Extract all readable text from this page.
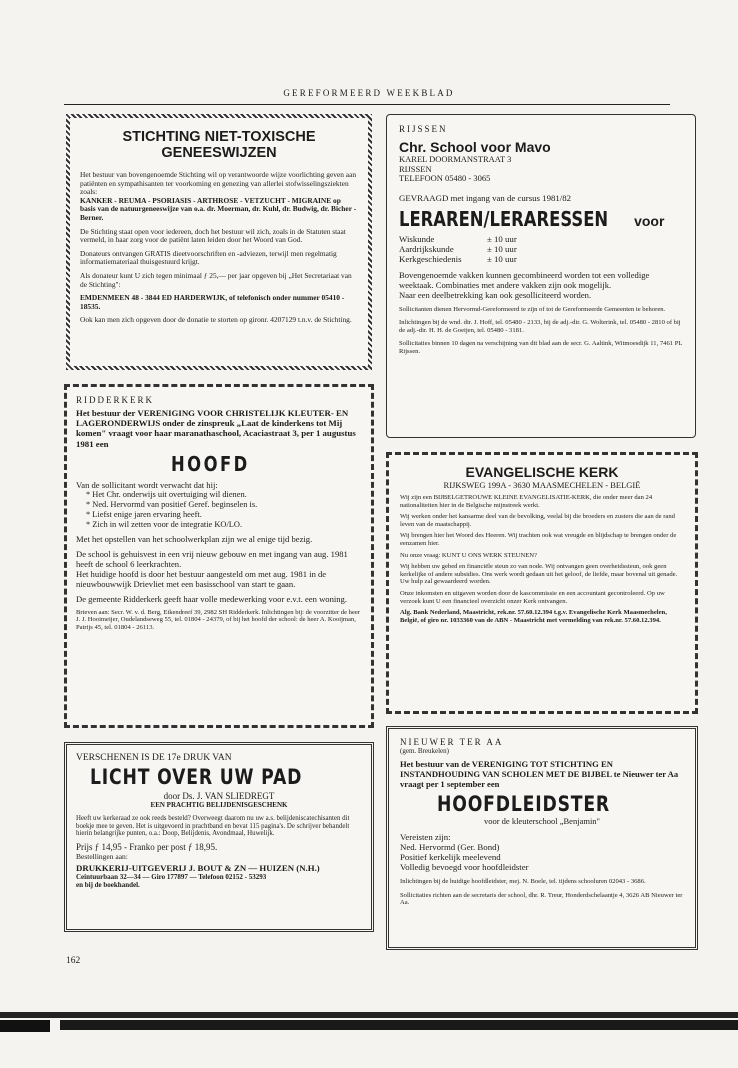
GEREFORMEERD WEEKBLAD
STICHTING NIET-TOXISCHE GENEESWIJZEN

Het bestuur van bovengenoemde Stichting wil op verantwoorde wijze voorlichting geven aan patiënten en sympathisanten ter voorkoming en genezing van allerlei stofwisselingsziekten zoals:

KANKER - REUMA - PSORIASIS - ARTHROSE - VETZUCHT - MIGRAINE op basis van de natuurgeneeswijze van o.a. dr. Moerman, dr. Kuhl, dr. Budwig, dr. Bicher - Berner.

De Stichting staat open voor iedereen, doch het bestuur wil zich, zoals in de Statuten staat vermeld, in haar zorg voor de patiënt laten leiden door het Woord van God.

Donateurs ontvangen GRATIS dieetvoorschriften en -adviezen, terwijl men regelmatig informatiemateriaal thuisgestuurd krijgt.

Als donateur kunt U zich tegen minimaal ƒ 25,— per jaar opgeven bij „Het Secretariaat van de Stichting":

EMDENMEEN 48 - 3844 ED HARDERWIJK, of telefonisch onder nummer 05410 - 18535.

Ook kan men zich opgeven door de donatie te storten op gironr. 4207129 t.n.v. de Stichting.

RIDDERKERK

Het bestuur der VERENIGING VOOR CHRISTELIJK KLEUTER- EN LAGERONDERWIJS onder de zinspreuk „Laat de kinderkens tot Mij komen" vraagt voor haar maranathaschool, Acaciastraat 3, per 1 augustus 1981 een

HOOFD

Van de sollicitant wordt verwacht dat hij:

* Het Chr. onderwijs uit overtuiging wil dienen.
* Ned. Hervormd van positief Geref. beginselen is.
* Liefst enige jaren ervaring heeft.
* Zich in wil zetten voor de integratie KO/LO.

Met het opstellen van het schoolwerkplan zijn we al enige tijd bezig.

De school is gehuisvest in een vrij nieuw gebouw en met ingang van aug. 1981 heeft de school 6 leerkrachten.

Het huidige hoofd is door het bestuur aangesteld om met aug. 1981 in de nieuwbouwwijk Drievliet met een basisschool van start te gaan.

De gemeente Ridderkerk geeft haar volle medewerking voor e.v.t. een woning.

Brieven aan: Secr. W. v. d. Berg, Eikendreef 39, 2982 SH Ridderkerk. Inlichtingen bij: de voorzitter de heer J. J. Hooimeijer, Oudelandseweg 55, tel. 01804 - 24379, of bij het hoofd der school: de heer A. Kooijman, Patrijs 45, tel. 01804 - 26113.

VERSCHENEN IS DE 17e DRUK VAN
LICHT OVER UW PAD
door Ds. J. VAN SLIEDREGT
EEN PRACHTIG BELIJDENISGESCHENK

Heeft uw kerkeraad ze ook reeds besteld? Overweegt daarom nu uw a.s. belijdeniscatechisanten dit boekje mee te geven. Het is uitgevoerd in prachtband en bevat 115 pagina's. De schrijver behandelt hierin belangrijke punten, o.a.: Doop, Belijdenis, Avondmaal, Huwelijk.

Prijs ƒ 14,95 - Franko per post ƒ 18,95.
Bestellingen aan:
DRUKKERIJ-UITGEVERIJ J. BOUT & ZN — HUIZEN (N.H.)
Ceintuurbaan 32—34 — Giro 177897 — Telefoon 02152 - 53293
en bij de boekhandel.
RIJSSEN
Chr. School voor Mavo
KAREL DOORMANSTRAAT 3
RIJSSEN
TELEFOON 05480 - 3065
GEVRAAGD met ingang van de cursus 1981/82
LERAREN/LERARESSEN voor
Wiskunde	± 10 uur
Aardrijkskunde	± 10 uur
Kerkgeschiedenis	± 10 uur

Bovengenoemde vakken kunnen gecombineerd worden tot een volledige weektaak. Combinaties met andere vakken zijn ook mogelijk.

Naar een deelbetrekking kan ook gesolliciteerd worden.

Sollicitanten dienen Hervormd-Gereformeerd te zijn of tot de Gereformeerde Gemeenten te behoren.

Inlichtingen bij de wnd. dir. J. Hoff, tel. 05480 - 2133, bij de adj.-dir. G. Wolterink, tel. 05480 - 2810 of bij de adj.-dir. H. H. de Goeijen, tel. 05480 - 3181.

Sollicitaties binnen 10 dagen na verschijning van dit blad aan de secr. G. Aaltink, Witmoesdijk 11, 7461 PL Rijssen.

EVANGELISCHE KERK
RIJKSWEG 199A - 3630 MAASMECHELEN - BELGIË

Wij zijn een BIJBELGETROUWE KLEINE EVANGELISATIE-KERK, die onder meer dan 24 nationaliteiten hier in de Belgische mijnstreek werkt.

Wij werken onder het kansarme deel van de bevolking, veelal bij die broeders en zusters die aan de rand leven van de maatschappij.

Wij brengen hier het Woord des Heeren. Wij trachten ook wat vreugde en blijdschap te brengen onder de eenzamen hier.

Nu onze vraag: KUNT U ONS WERK STEUNEN?

Wij hebben uw gebed en financiële steun zo van node. Wij ontvangen geen overheidssteun, ook geen kerkelijke of andere subsidies. Ons werk wordt gedaan uit het geloof, de liefde, maar bovenal uit genade.

Uw hulp zal gewaardeerd worden.

Onze inkomsten en uitgaven worden door de kascommissie en een accountant gecontroleerd. Op uw verzoek kunt U een financieel overzicht onzer Kerk ontvangen.

Alg. Bank Nederland, Maastricht, rek.nr. 57.60.12.394 t.g.v. Evangelische Kerk Maasmechelen, België, of giro nr. 1033360 van de ABN - Maastricht met vermelding van rek.nr. 57.60.12.394.

NIEUWER TER AA
(gem. Breukelen)

Het bestuur van de VERENIGING TOT STICHTING EN INSTANDHOUDING VAN SCHOLEN MET DE BIJBEL te Nieuwer ter Aa vraagt per 1 september een

HOOFDLEIDSTER
voor de kleuterschool „Benjamin"
Vereisten zijn:
Ned. Hervormd (Ger. Bond)
Positief kerkelijk meelevend
Volledig bevoegd voor hoofdleidster

Inlichtingen bij de huidige hoofdleidster, mej. N. Boele, tel. tijdens schooluren 02043 - 3686.

Sollicitaties richten aan de secretaris der school, dhr. R. Treur, Honderdschelaantje 4, 3626 AB Nieuwer ter Aa.

162
